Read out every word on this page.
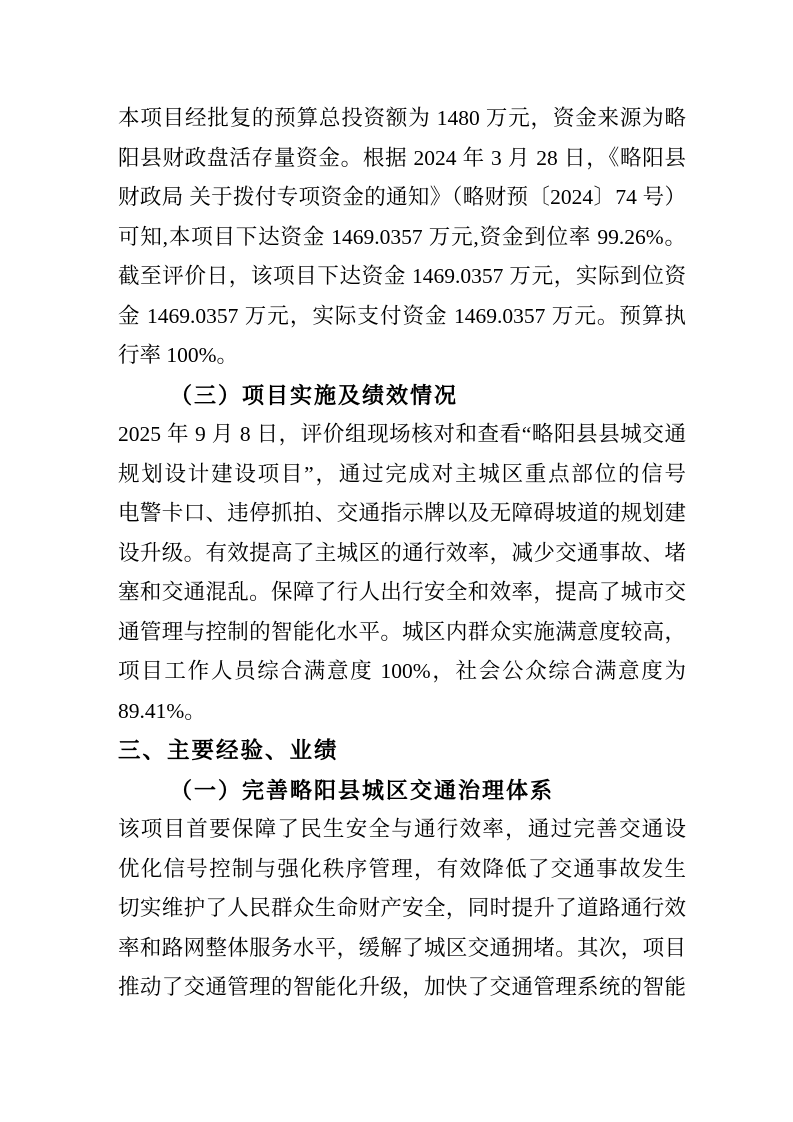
本项目经批复的预算总投资额为 1480 万元，资金来源为略
阳县财政盘活存量资金。根据 2024 年 3 月 28 日，《略阳县
财政局 关于拨付专项资金的通知》（略财预〔2024〕74 号）
可知,本项目下达资金 1469.0357 万元,资金到位率 99.26%。
截至评价日，该项目下达资金 1469.0357 万元，实际到位资
金 1469.0357 万元，实际支付资金 1469.0357 万元。预算执
行率 100%。
（三）项目实施及绩效情况
2025 年 9 月 8 日，评价组现场核对和查看“略阳县县城交通
规划设计建设项目”，通过完成对主城区重点部位的信号
电警卡口、违停抓拍、交通指示牌以及无障碍坡道的规划建
设升级。有效提高了主城区的通行效率，减少交通事故、堵
塞和交通混乱。保障了行人出行安全和效率，提高了城市交
通管理与控制的智能化水平。城区内群众实施满意度较高，
项目工作人员综合满意度 100%，社会公众综合满意度为
89.41%。
三、主要经验、业绩
（一）完善略阳县城区交通治理体系
该项目首要保障了民生安全与通行效率，通过完善交通设
优化信号控制与强化秩序管理，有效降低了交通事故发生
切实维护了人民群众生命财产安全，同时提升了道路通行效
率和路网整体服务水平，缓解了城区交通拥堵。其次，项目
推动了交通管理的智能化升级，加快了交通管理系统的智能
